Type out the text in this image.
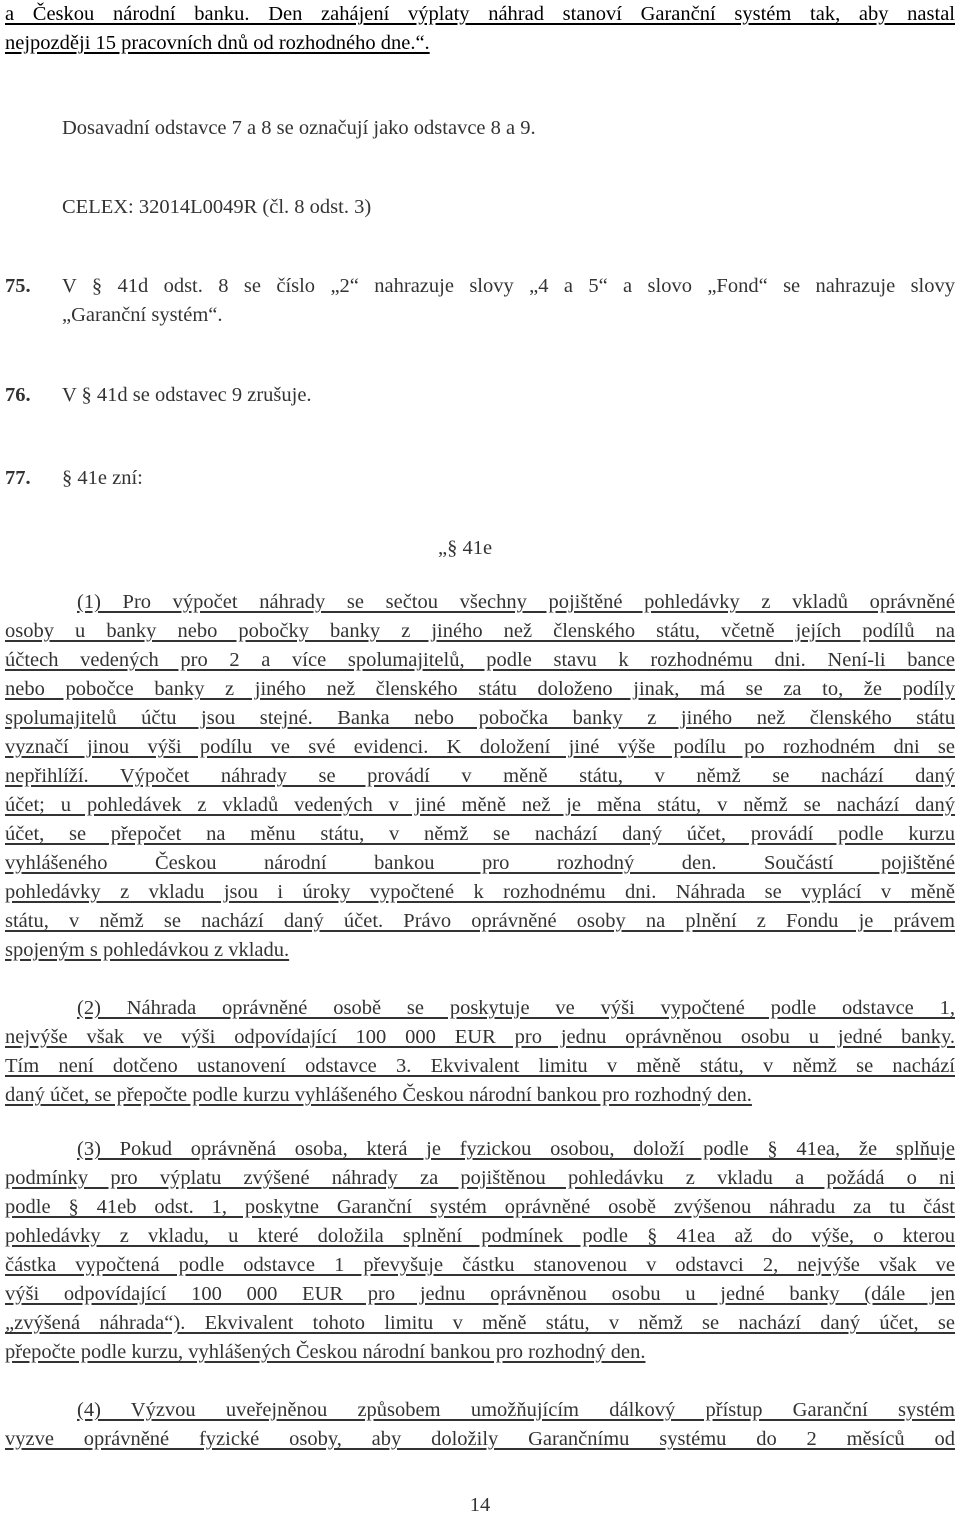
a Českou národní banku. Den zahájení výplaty náhrad stanoví Garanční systém tak, aby nastal
nejpozději 15 pracovních dnů od rozhodného dne.“.
Dosavadní odstavce 7 a 8 se označují jako odstavce 8 a 9.
CELEX: 32014L0049R (čl. 8 odst. 3)
75.	V § 41d odst. 8 se číslo „2“ nahrazuje slovy „4 a 5“ a slovo „Fond“ se nahrazuje slovy
„Garanční systém“.
76.	V § 41d se odstavec 9 zrušuje.
77.	§ 41e zní:
„§ 41e
(1) Pro výpočet náhrady se sečtou všechny pojištěné pohledávky z vkladů oprávněné
osoby u banky nebo pobočky banky z jiného než členského státu, včetně jejích podílů na
účtech vedených pro 2 a více spolumajitelů, podle stavu k rozhodnému dni. Není-li bance
nebo pobočce banky z jiného než členského státu doloženo jinak, má se za to, že podíly
spolumajitelů účtu jsou stejné. Banka nebo pobočka banky z jiného než členského státu
vyznačí jinou výši podílu ve své evidenci. K doložení jiné výše podílu po rozhodném dni se
nepřihlíží. Výpočet náhrady se provádí v měně státu, v němž se nachází daný
účet; u pohledávek z vkladů vedených v jiné měně než je měna státu, v němž se nachází daný
účet, se přepočet na měnu státu, v němž se nachází daný účet, provádí podle kurzu
vyhlášeného Českou národní bankou pro rozhodný den. Součástí pojištěné
pohledávky z vkladu jsou i úroky vypočtené k rozhodnému dni. Náhrada se vyplácí v měně
státu, v němž se nachází daný účet. Právo oprávněné osoby na plnění z Fondu je právem
spojeným s pohledávkou z vkladu.
(2) Náhrada oprávněné osobě se poskytuje ve výši vypočtené podle odstavce 1,
nejvýše však ve výši odpovídající 100 000 EUR pro jednu oprávněnou osobu u jedné banky.
Tím není dotčeno ustanovení odstavce 3. Ekvivalent limitu v měně státu, v němž se nachází
daný účet, se přepočte podle kurzu vyhlášeného Českou národní bankou pro rozhodný den.
(3) Pokud oprávněná osoba, která je fyzickou osobou, doloží podle § 41ea, že splňuje
podmínky pro výplatu zvýšené náhrady za pojištěnou pohledávku z vkladu a požádá o ni
podle § 41eb odst. 1, poskytne Garanční systém oprávněné osobě zvýšenou náhradu za tu část
pohledávky z vkladu, u které doložila splnění podmínek podle § 41ea až do výše, o kterou
částka vypočtená podle odstavce 1 převyšuje částku stanovenou v odstavci 2, nejvýše však ve
výši odpovídající 100 000 EUR pro jednu oprávněnou osobu u jedné banky (dále jen
„zvýšená náhrada“). Ekvivalent tohoto limitu v měně státu, v němž se nachází daný účet, se
přepočte podle kurzu, vyhlášených Českou národní bankou pro rozhodný den.
(4) Výzvou uveřejněnou způsobem umožňujícím dálkový přístup Garanční systém
vyzve oprávněné fyzické osoby, aby doložily Garančnímu systému do 2 měsíců od
14
